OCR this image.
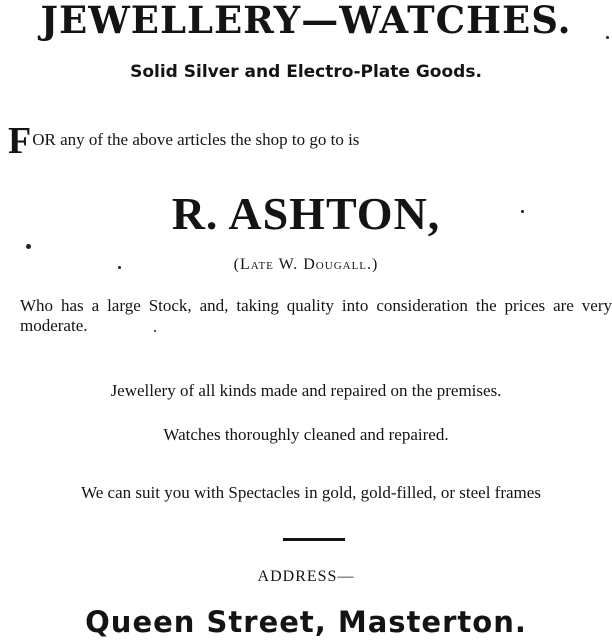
JEWELLERY—WATCHES.
Solid Silver and Electro-Plate Goods.
FOR any of the above articles the shop to go to is
R. ASHTON,
(Late W. Dougall.)
Who has a large Stock, and, taking quality into consideration the prices are very moderate.
Jewellery of all kinds made and repaired on the premises.
Watches thoroughly cleaned and repaired.
We can suit you with Spectacles in gold, gold-filled, or steel frames
ADDRESS—
Queen Street, Masterton.
